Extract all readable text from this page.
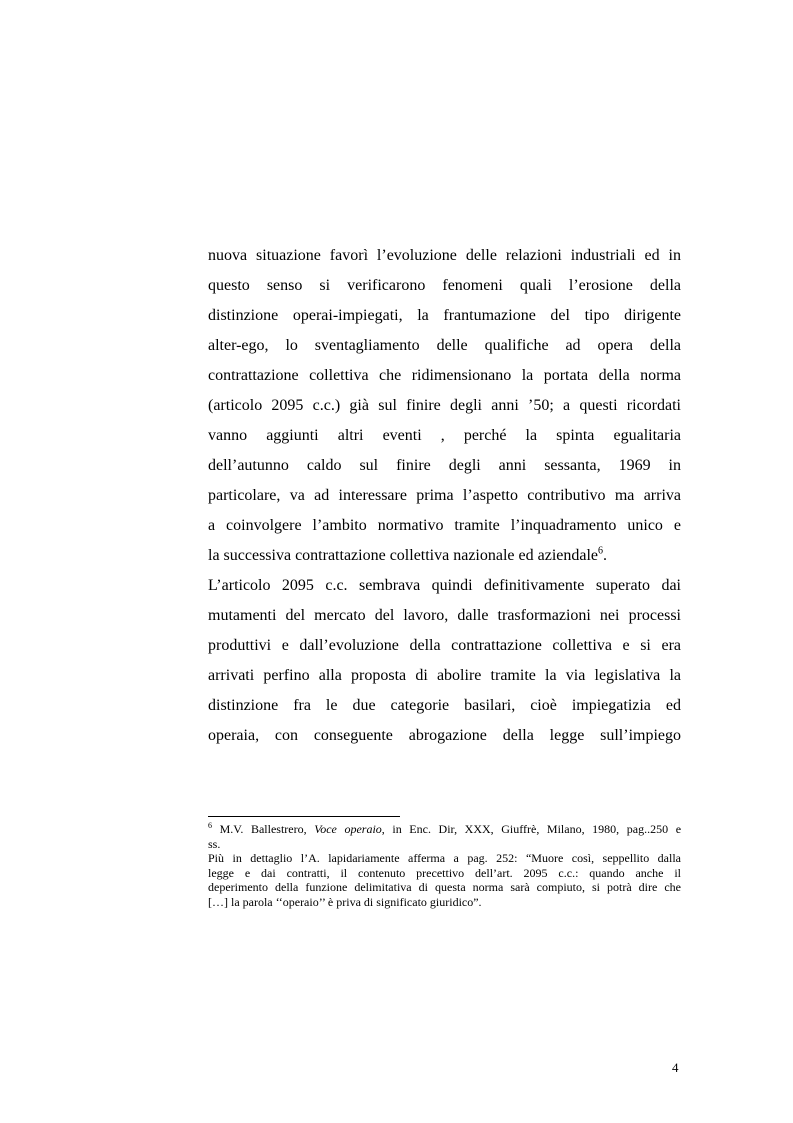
nuova situazione favorì l’evoluzione delle relazioni industriali ed in
questo senso si verificarono fenomeni quali l’erosione della
distinzione operai-impiegati, la frantumazione del tipo dirigente
alter-ego, lo sventagliamento delle qualifiche ad opera della
contrattazione collettiva che ridimensionano la portata della norma
(articolo 2095 c.c.) già sul finire degli anni ’50; a questi ricordati
vanno aggiunti altri eventi , perché la spinta egualitaria
dell’autunno caldo sul finire degli anni sessanta, 1969 in
particolare, va ad interessare prima l’aspetto contributivo ma arriva
a coinvolgere l’ambito normativo tramite l’inquadramento unico e
la successiva contrattazione collettiva nazionale ed aziendale$^6$.
L’articolo 2095 c.c. sembrava quindi definitivamente superato dai
mutamenti del mercato del lavoro, dalle trasformazioni nei processi
produttivi e dall’evoluzione della contrattazione collettiva e si era
arrivati perfino alla proposta di abolire tramite la via legislativa la
distinzione fra le due categorie basilari, cioè impiegatizia ed
operaia, con conseguente abrogazione della legge sull’impiego
$^6$ M.V. Ballestrero, Voce operaio, in Enc. Dir, XXX, Giuffrè, Milano, 1980, pag..250 e
ss.
Più in dettaglio l’A. lapidariamente afferma a pag. 252: “Muore così, seppellito dalla
legge e dai contratti, il contenuto precettivo dell’art. 2095 c.c.: quando anche il
deperimento della funzione delimitativa di questa norma sarà compiuto, si potrà dire che
[…] la parola ‘‘operaio’’ è priva di significato giuridico”.
4
